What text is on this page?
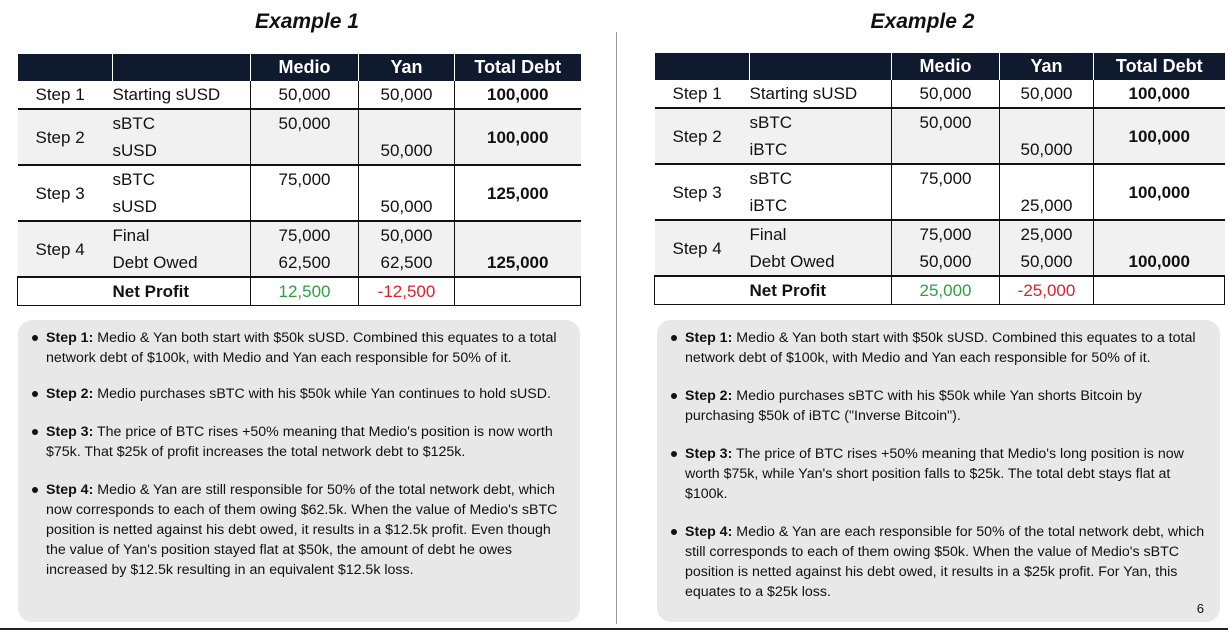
Example 1
		Medio	Yan	Total Debt
Step 1	Starting sUSD	50,000	50,000	100,000
Step 2	sBTC	50,000		100,000
	sUSD		50,000	
Step 3	sBTC	75,000		125,000
	sUSD		50,000	
Step 4	Final	75,000	50,000	125,000
	Debt Owed	62,500	62,500	
	Net Profit	12,500	-12,500	
Step 1: Medio & Yan both start with $50k sUSD. Combined this equates to a total network debt of $100k, with Medio and Yan each responsible for 50% of it.
Step 2: Medio purchases sBTC with his $50k while Yan continues to hold sUSD.
Step 3: The price of BTC rises +50% meaning that Medio's position is now worth $75k. That $25k of profit increases the total network debt to $125k.
Step 4: Medio & Yan are still responsible for 50% of the total network debt, which now corresponds to each of them owing $62.5k. When the value of Medio's sBTC position is netted against his debt owed, it results in a $12.5k profit. Even though the value of Yan's position stayed flat at $50k, the amount of debt he owes increased by $12.5k resulting in an equivalent $12.5k loss.
Example 2
		Medio	Yan	Total Debt
Step 1	Starting sUSD	50,000	50,000	100,000
Step 2	sBTC	50,000		100,000
	iBTC		50,000	
Step 3	sBTC	75,000		100,000
	iBTC		25,000	
Step 4	Final	75,000	25,000	100,000
	Debt Owed	50,000	50,000	
	Net Profit	25,000	-25,000	
Step 1: Medio & Yan both start with $50k sUSD. Combined this equates to a total network debt of $100k, with Medio and Yan each responsible for 50% of it.
Step 2: Medio purchases sBTC with his $50k while Yan shorts Bitcoin by purchasing $50k of iBTC ("Inverse Bitcoin").
Step 3: The price of BTC rises +50% meaning that Medio's long position is now worth $75k, while Yan's short position falls to $25k. The total debt stays flat at $100k.
Step 4: Medio & Yan are each responsible for 50% of the total network debt, which still corresponds to each of them owing $50k. When the value of Medio's sBTC position is netted against his debt owed, it results in a $25k profit. For Yan, this equates to a $25k loss.
6
